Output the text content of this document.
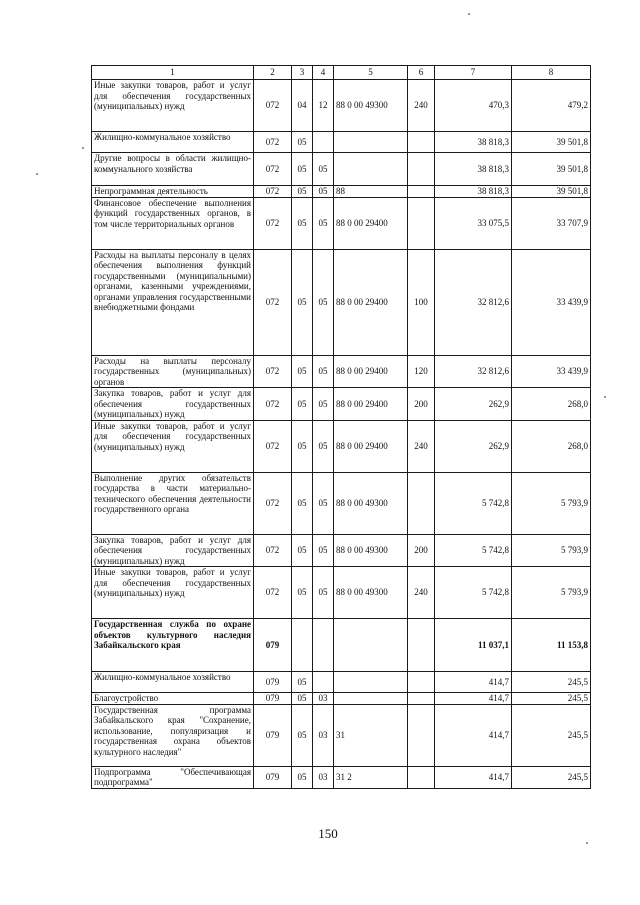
1	2	3	4	5	6	7	8
Иные закупки товаров, работ и услуг для обеспечения государственных (муниципальных) нужд	072	04	12	88 0 00 49300	240	470,3	479,2
Жилищно-коммунальное хозяйство	072	05				38 818,3	39 501,8
Другие вопросы в области жилищно-коммунального хозяйства	072	05	05			38 818,3	39 501,8
Непрограммная деятельность	072	05	05	88		38 818,3	39 501,8
Финансовое обеспечение выполнения функций государственных органов, в том числе территориальных органов	072	05	05	88 0 00 29400		33 075,5	33 707,9
Расходы на выплаты персоналу в целях обеспечения выполнения функций государственными (муниципальными) органами, казенными учреждениями, органами управления государственными внебюджетными фондами	072	05	05	88 0 00 29400	100	32 812,6	33 439,9
Расходы на выплаты персоналу государственных (муниципальных) органов	072	05	05	88 0 00 29400	120	32 812,6	33 439,9
Закупка товаров, работ и услуг для обеспечения государственных (муниципальных) нужд	072	05	05	88 0 00 29400	200	262,9	268,0
Иные закупки товаров, работ и услуг для обеспечения государственных (муниципальных) нужд	072	05	05	88 0 00 29400	240	262,9	268,0
Выполнение других обязательств государства в части материально-технического обеспечения деятельности государственного органа	072	05	05	88 0 00 49300		5 742,8	5 793,9
Закупка товаров, работ и услуг для обеспечения государственных (муниципальных) нужд	072	05	05	88 0 00 49300	200	5 742,8	5 793,9
Иные закупки товаров, работ и услуг для обеспечения государственных (муниципальных) нужд	072	05	05	88 0 00 49300	240	5 742,8	5 793,9
Государственная служба по охране объектов культурного наследия Забайкальского края	079					11 037,1	11 153,8
Жилищно-коммунальное хозяйство	079	05				414,7	245,5
Благоустройство	079	05	03			414,7	245,5
Государственная программа Забайкальского края "Сохранение, использование, популяризация и государственная охрана объектов культурного наследия"	079	05	03	31		414,7	245,5
Подпрограмма "Обеспечивающая подпрограмма"	079	05	03	31 2		414,7	245,5
150
